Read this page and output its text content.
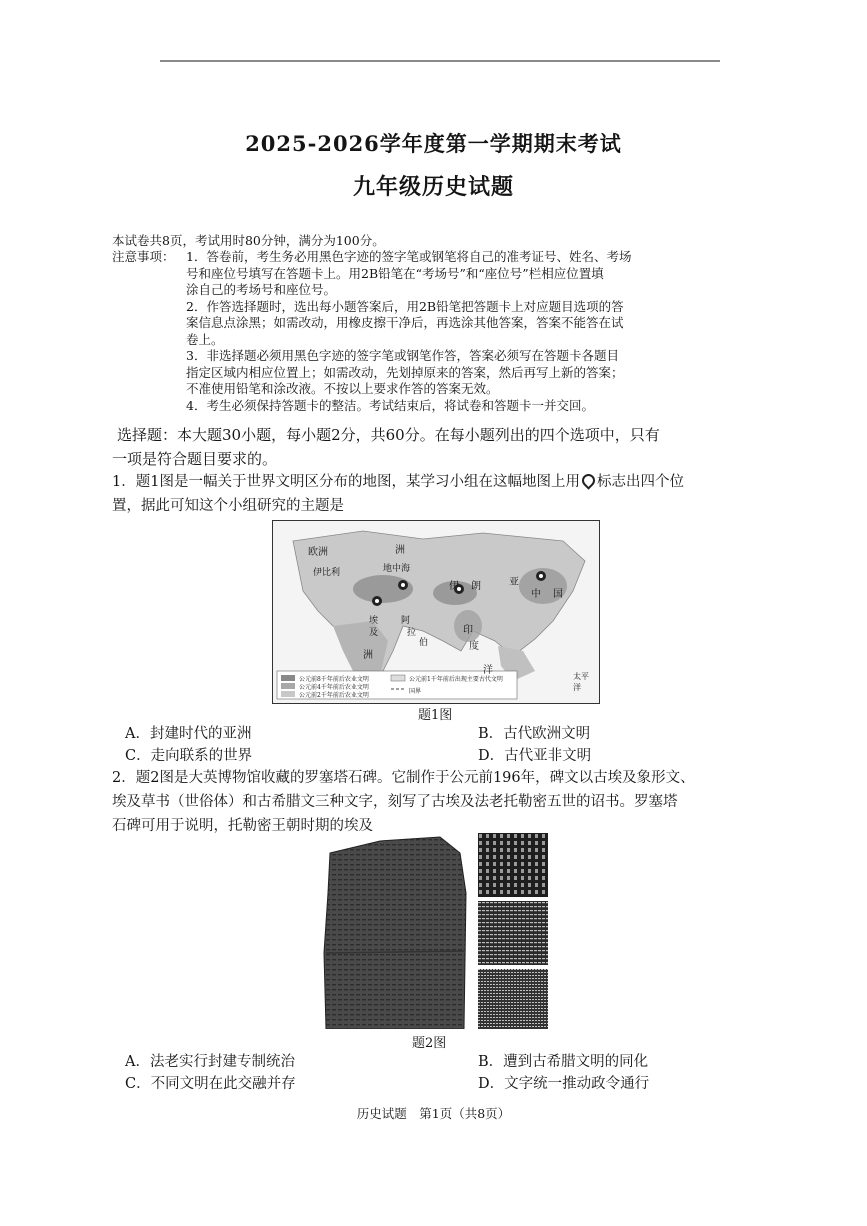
2025-2026学年度第一学期期末考试
九年级历史试题
本试卷共8页，考试用时80分钟，满分为100分。
注意事项： 1．答卷前，考生务必用黑色字迹的签字笔或钢笔将自己的准考证号、姓名、考场

号和座位号填写在答题卡上。用2B铅笔在“考场号”和“座位号”栏相应位置填

涂自己的考场号和座位号。

2．作答选择题时，选出每小题答案后，用2B铅笔把答题卡上对应题目选项的答

案信息点涂黑；如需改动，用橡皮擦干净后，再选涂其他答案，答案不能答在试

卷上。

3．非选择题必须用黑色字迹的签字笔或钢笔作答，答案必须写在答题卡各题目

指定区域内相应位置上；如需改动，先划掉原来的答案，然后再写上新的答案；

不准使用铅笔和涂改液。不按以上要求作答的答案无效。

4．考生必须保持答题卡的整洁。考试结束后，将试卷和答题卡一并交回。

选择题：本大题30小题，每小题2分，共60分。在每小题列出的四个选项中，只有
一项是符合题目要求的。
1．题1图是一幅关于世界文明区分布的地图，某学习小组在这幅地图上用 标志出四个位
置，据此可知这个小组研究的主题是
欧洲
伊比利	地中海
伊 朗
中 国
印
度
亚
埃
及
阿
拉
伯
洲
洲
洋
太平洋
公元前8千年前后农业文明
公元前4千年前后农业文明
公元前2千年前后农业文明
公元前1千年前后出现主要古代文明
国界
题1图
A．封建时代的亚洲	B．古代欧洲文明
C．走向联系的世界	D．古代亚非文明
2．题2图是大英博物馆收藏的罗塞塔石碑。它制作于公元前196年，碑文以古埃及象形文、
埃及草书（世俗体）和古希腊文三种文字，刻写了古埃及法老托勒密五世的诏书。罗塞塔
石碑可用于说明，托勒密王朝时期的埃及
题2图
A．法老实行封建专制统治	B．遭到古希腊文明的同化
C．不同文明在此交融并存	D．文字统一推动政令通行
历史试题　第1页（共8页）
